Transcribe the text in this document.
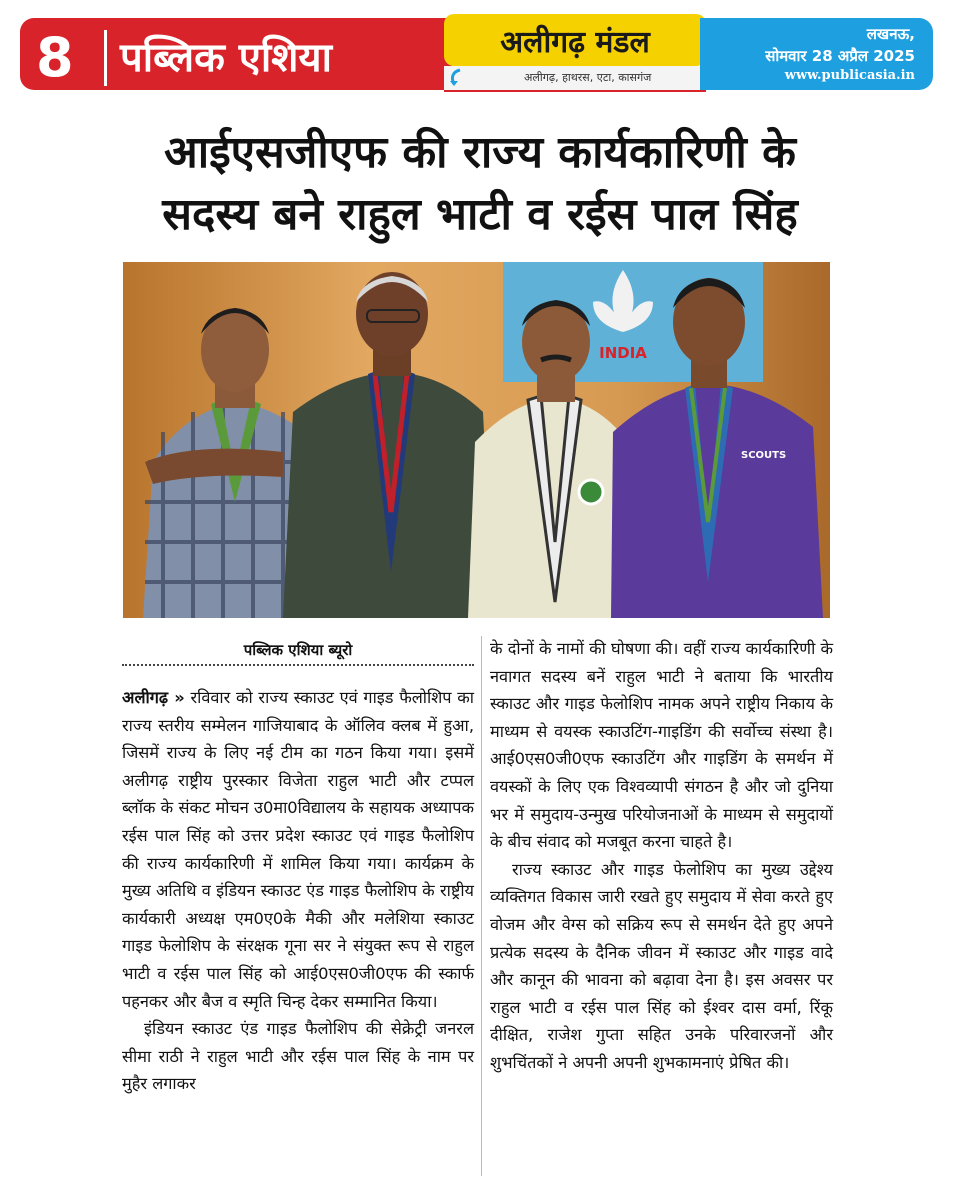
8 पब्लिक एशिया	अलीगढ़ मंडल
अलीगढ़, हाथरस, एटा, कासगंज
लखनऊ,
सोमवार 28 अप्रैल 2025
www.publicasia.in
आईएसजीएफ की राज्य कार्यकारिणी के
सदस्य बने राहुल भाटी व रईस पाल सिंह
INDIA
SCOUTS
पब्लिक एशिया ब्यूरो

अलीगढ़ » रविवार को राज्य स्काउट एवं गाइड फैलोशिप का राज्य स्तरीय सम्मेलन गाजियाबाद के ऑलिव क्लब में हुआ, जिसमें राज्य के लिए नई टीम का गठन किया गया। इसमें अलीगढ़ राष्ट्रीय पुरस्कार विजेता राहुल भाटी और टप्पल ब्लॉक के संकट मोचन उ0मा0विद्यालय के सहायक अध्यापक रईस पाल सिंह को उत्तर प्रदेश स्काउट एवं गाइड फैलोशिप की राज्य कार्यकारिणी में शामिल किया गया। कार्यक्रम के मुख्य अतिथि व इंडियन स्काउट एंड गाइड फैलोशिप के राष्ट्रीय कार्यकारी अध्यक्ष एम0ए0के मैकी और मलेशिया स्काउट गाइड फेलोशिप के संरक्षक गूना सर ने संयुक्त रूप से राहुल भाटी व रईस पाल सिंह को आई0एस0जी0एफ की स्कार्फ पहनकर और बैज व स्मृति चिन्ह देकर सम्मानित किया।

इंडियन स्काउट एंड गाइड फैलोशिप की सेक्रेट्री जनरल सीमा राठी ने राहुल भाटी और रईस पाल सिंह के नाम पर मुहैर लगाकर

के दोनों के नामों की घोषणा की। वहीं राज्य कार्यकारिणी के नवागत सदस्य बनें राहुल भाटी ने बताया कि भारतीय स्काउट और गाइड फेलोशिप नामक अपने राष्ट्रीय निकाय के माध्यम से वयस्क स्काउटिंग-गाइडिंग की सर्वोच्च संस्था है। आई0एस0जी0एफ स्काउटिंग और गाइडिंग के समर्थन में वयस्कों के लिए एक विश्वव्यापी संगठन है और जो दुनिया भर में समुदाय-उन्मुख परियोजनाओं के माध्यम से समुदायों के बीच संवाद को मजबूत करना चाहते है।

राज्य स्काउट और गाइड फेलोशिप का मुख्य उद्देश्य व्यक्तिगत विकास जारी रखते हुए समुदाय में सेवा करते हुए वोजम और वेग्स को सक्रिय रूप से समर्थन देते हुए अपने प्रत्येक सदस्य के दैनिक जीवन में स्काउट और गाइड वादे और कानून की भावना को बढ़ावा देना है। इस अवसर पर राहुल भाटी व रईस पाल सिंह को ईश्वर दास वर्मा, रिंकू दीक्षित, राजेश गुप्ता सहित उनके परिवारजनों और शुभचिंतकों ने अपनी अपनी शुभकामनाएं प्रेषित की।
